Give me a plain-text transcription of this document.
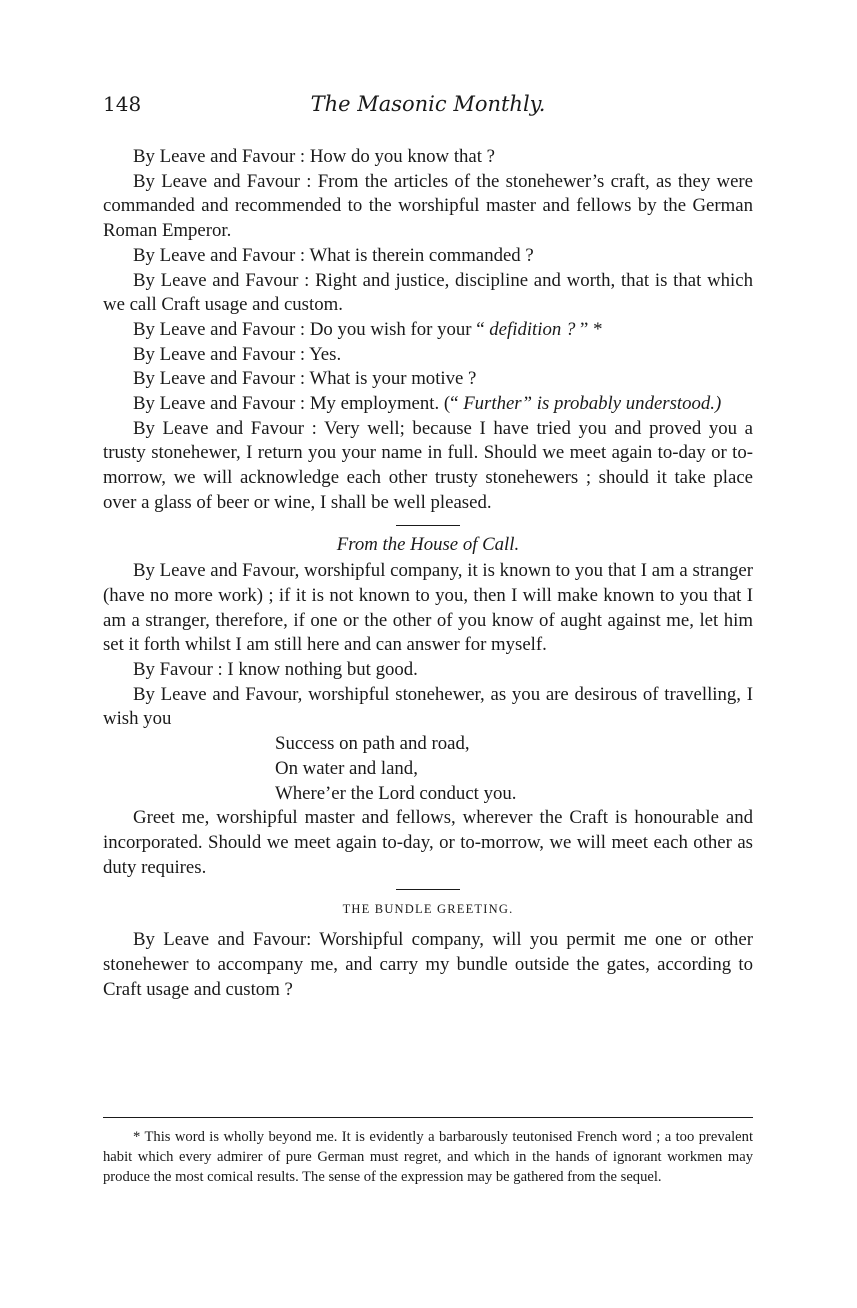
148	The Masonic Monthly.

By Leave and Favour : How do you know that ?

By Leave and Favour : From the articles of the stonehewer’s craft, as they were commanded and recommended to the worshipful master and fellows by the German Roman Emperor.

By Leave and Favour : What is therein commanded ?

By Leave and Favour : Right and justice, discipline and worth, that is that which we call Craft usage and custom.

By Leave and Favour : Do you wish for your “ defidition ? ” *

By Leave and Favour : Yes.

By Leave and Favour : What is your motive ?

By Leave and Favour : My employment. (“ Further” is probably understood.)

By Leave and Favour : Very well; because I have tried you and proved you a trusty stonehewer, I return you your name in full. Should we meet again to-day or to-morrow, we will acknowledge each other trusty stonehewers ; should it take place over a glass of beer or wine, I shall be well pleased.

From the House of Call.

By Leave and Favour, worshipful company, it is known to you that I am a stranger (have no more work) ; if it is not known to you, then I will make known to you that I am a stranger, therefore, if one or the other of you know of aught against me, let him set it forth whilst I am still here and can answer for myself.

By Favour : I know nothing but good.

By Leave and Favour, worshipful stonehewer, as you are desirous of travelling, I wish you

Success on path and road,

On water and land,

Where’er the Lord conduct you.

Greet me, worshipful master and fellows, wherever the Craft is honourable and incorporated. Should we meet again to-day, or to-morrow, we will meet each other as duty requires.

THE BUNDLE GREETING.

By Leave and Favour: Worshipful company, will you permit me one or other stonehewer to accompany me, and carry my bundle outside the gates, according to Craft usage and custom ?

* This word is wholly beyond me. It is evidently a barbarously teutonised French word ; a too prevalent habit which every admirer of pure German must regret, and which in the hands of ignorant workmen may produce the most comical results. The sense of the expression may be gathered from the sequel.
